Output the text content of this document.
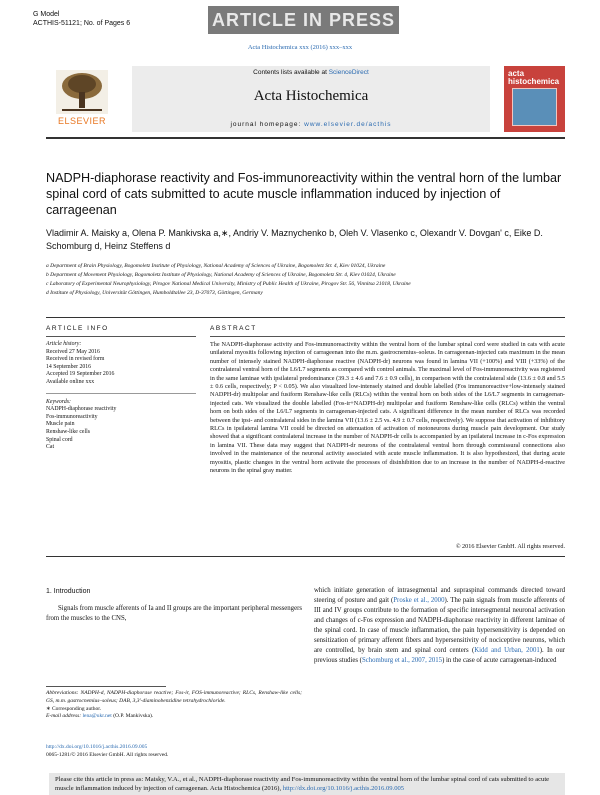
G Model
ACTHIS-51121; No. of Pages 6	ARTICLE IN PRESS
Acta Histochemica xxx (2016) xxx–xxx
ELSEVIER
Contents lists available at ScienceDirect
Acta Histochemica
journal homepage: www.elsevier.de/acthis
acta histochemica
NADPH-diaphorase reactivity and Fos-immunoreactivity within the ventral horn of the lumbar spinal cord of cats submitted to acute muscle inflammation induced by injection of carrageenan
Vladimir A. Maisky a, Olena P. Mankivska a,∗, Andriy V. Maznychenko b, Oleh V. Vlasenko c, Olexandr V. Dovgan' c, Eike D. Schomburg d, Heinz Steffens d
a Department of Brain Physiology, Bogomoletz Institute of Physiology, National Academy of Sciences of Ukraine, Bogomoletz Str. 4, Kiev 01024, Ukraine
b Department of Movement Physiology, Bogomoletz Institute of Physiology, National Academy of Sciences of Ukraine, Bogomoletz Str. 4, Kiev 01024, Ukraine
c Laboratory of Experimental Neurophysiology, Pirogov National Medical University, Ministry of Public Health of Ukraine, Pirogov Str. 56, Vinnitsa 21018, Ukraine
d Institute of Physiology, Universität Göttingen, Humboldtallee 23, D-37073, Göttingen, Germany
ARTICLE INFO	ABSTRACT
Article history:
Received 27 May 2016
Received in revised form
14 September 2016
Accepted 19 September 2016
Available online xxx
Keywords:
NADPH-diaphorase reactivity
Fos-immunoreactivity
Muscle pain
Renshaw-like cells
Spinal cord
Cat
The NADPH-diaphorase activity and Fos-immunoreactivity within the ventral horn of the lumbar spinal cord were studied in cats with acute unilateral myositis following injection of carrageenan into the m.m. gastrocnemius–soleus. In carrageenan-injected cats maximum in the mean number of intensely stained NADPH-diaphorase reactive (NADPH-dr) neurons was found in lamina VII (+100%) and VIII (+33%) of the contralateral ventral horn of the L6/L7 segments as compared with control animals. The maximal level of Fos-immunoreactivity was registered in the same laminae with ipsilateral predominance (39.3 ± 4.6 and 7.6 ± 0.9 cells), in comparison with the contralateral side (13.6 ± 0.8 and 5.5 ± 0.6 cells, respectively; P < 0.05). We also visualized low-intensely stained and double labelled (Fos immunoreactive+low-intensely stained NADPH-dr) multipolar and fusiform Renshaw-like cells (RLCs) within the ventral horn on both sides of the L6/L7 segments in carrageenan-injected cats. We visualized the double labelled (Fos-ir+NADPH-dr) multipolar and fusiform Renshaw-like cells (RLCs) within the ventral horn on both sides of the L6/L7 segments in carrageenan-injected cats. A significant difference in the mean number of RLCs was recorded between the ipsi- and contralateral sides in the lamina VII (13.6 ± 2.5 vs. 4.9 ± 0.7 cells, respectively). We suppose that activation of inhibitory RLCs in ipsilateral lamina VII could be directed on attenuation of activation of motoneurons during muscle pain development. Our study showed that a significant contralateral increase in the number of NADPH-dr cells is accompanied by an ipsilateral increase in c-Fos expression in lamina VII. These data may suggest that NADPH-dr neurons of the contralateral ventral horn through commissural connections also involved in the maintenance of the neuronal activity associated with acute muscle inflammation. It is also hypothesized, that during acute myositis, plastic changes in the ventral horn activate the processes of disinhibition due to an increase in the number of NADPH-d-reactive neurons in the spinal gray matter.
© 2016 Elsevier GmbH. All rights reserved.
1. Introduction
Signals from muscle afferents of Ia and II groups are the important peripheral messengers from the muscles to the CNS,
which initiate generation of intrasegmental and supraspinal commands directed toward steering of posture and gait (Proske et al., 2000). The pain signals from muscle afferents of III and IV groups contribute to the formation of specific intersegmental neuronal activation and changes of c-Fos expression and NADPH-diaphorase reactivity in different laminae of the spinal cord. In case of muscle inflammation, the pain hypersensitivity is depended on sensitization of primary afferent fibers and hypersensitivity of nociceptive neurons, which are controlled, by brain stem and spinal cord centers (Kidd and Urban, 2001). In our previous studies (Schomburg et al., 2007, 2015) in the case of acute carrageenan-induced
Abbreviations: NADPH-d, NADPH-diaphorase reactive; Fos-ir, FOS-immunoreactive; RLCs, Renshaw-like cells; GS, m.m. gastrocnemius–soleus; DAB, 3,3′-diaminobenzidine tetrahydrochloride.
∗ Corresponding author.
E-mail address: lena@ukr.net (O.P. Mankivska).
http://dx.doi.org/10.1016/j.acthis.2016.09.005
0065-1281/© 2016 Elsevier GmbH. All rights reserved.
Please cite this article in press as: Maisky, V.A., et al., NADPH-diaphorase reactivity and Fos-immunoreactivity within the ventral horn of the lumbar spinal cord of cats submitted to acute muscle inflammation induced by injection of carrageenan. Acta Histochemica (2016), http://dx.doi.org/10.1016/j.acthis.2016.09.005
